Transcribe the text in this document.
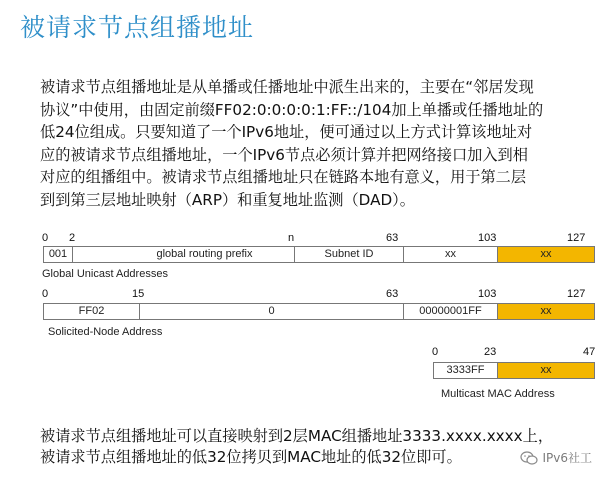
被请求节点组播地址
被请求节点组播地址是从单播或任播地址中派生出来的，主要在“邻居发现
协议”中使用，由固定前缀FF02:0:0:0:0:1:FF::/104加上单播或任播地址的
低24位组成。只要知道了一个IPv6地址，便可通过以上方式计算该地址对
应的被请求节点组播地址，一个IPv6节点必须计算并把网络接口加入到相
对应的组播组中。被请求节点组播地址只在链路本地有意义，用于第二层
到到第三层地址映射（ARP）和重复地址监测（DAD）。
0 2	n	63	103	127
001	global routing prefix	Subnet ID	xx	xx
Global Unicast Addresses
0	15	63	103	127
FF02	0	00000001FF	xx
Solicited-Node Address
0	23	47
3333FF	xx
Multicast MAC Address
被请求节点组播地址可以直接映射到2层MAC组播地址3333.xxxx.xxxx上，
被请求节点组播地址的低32位拷贝到MAC地址的低32位即可。	IPv6社工
